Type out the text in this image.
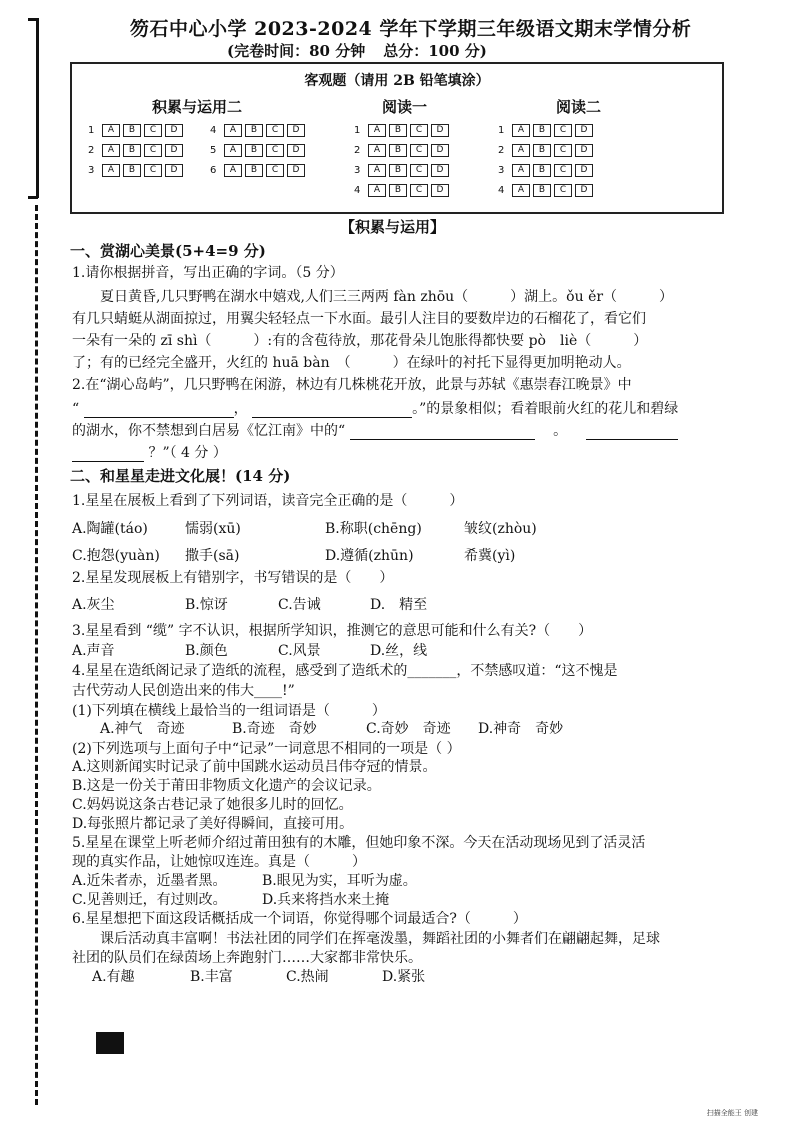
笏石中心小学 2023-2024 学年下学期三年级语文期末学情分析
(完卷时间：80 分钟 总分：100 分)
客观题（请用 2B 铅笔填涂）
积累与运用二	阅读一	阅读二
1	A	B	C	D
2	A	B	C	D
3	A	B	C	D
4	A	B	C	D
5	A	B	C	D
6	A	B	C	D
1	A	B	C	D
2	A	B	C	D
3	A	B	C	D
4	A	B	C	D
1	A	B	C	D
2	A	B	C	D
3	A	B	C	D
4	A	B	C	D
【积累与运用】
一、赏湖心美景(5+4=9 分)
1.请你根据拼音，写出正确的字词。（5 分）
夏日黄昏,几只野鸭在湖水中嬉戏,人们三三两两 fàn zhōu（　　　）湖上。ǒu ěr（　　　）
有几只蜻蜓从湖面掠过，用翼尖轻轻点一下水面。最引人注目的要数岸边的石榴花了，看它们
一朵有一朵的 zī shì（　　　）:有的含苞待放，那花骨朵儿饱胀得都快要 pò　liè（　　　）
了；有的已经完全盛开，火红的 huā bàn　（　　　）在绿叶的衬托下显得更加明艳动人。
2.在“湖心岛屿”，几只野鸭在闲游，林边有几株桃花开放，此景与苏轼《惠崇春江晚景》中
“	，	。”的景象相似；看着眼前火红的花儿和碧绿
的湖水，你不禁想到白居易《忆江南》中的“	。
？”（ 4 分 ）
二、和星星走进文化展！(14 分)
1.星星在展板上看到了下列词语，读音完全正确的是（　　　）
A.陶罐(táo)	懦弱(xū)	B.称职(chēng)	皱纹(zhòu)
C.抱怨(yuàn) 撒手(sā)	D.遵循(zhūn)	希冀(yì)
2.星星发现展板上有错别字，书写错误的是（　　）
A.灰尘	B.惊讶	C.告诫	D.　精至
3.星星看到 “缆” 字不认识，根据所学知识，推测它的意思可能和什么有关?（　　）
A.声音	B.颜色	C.风景	D.丝，线
4.星星在造纸阁记录了造纸的流程，感受到了造纸术的_______，不禁感叹道：“这不愧是
古代劳动人民创造出来的伟大____!”
(1)下列填在横线上最恰当的一组词语是（　　　）
A.神气　奇迹	B.奇迹　奇妙	C.奇妙　奇迹 D.神奇　奇妙
(2)下列选项与上面句子中“记录”一词意思不相同的一项是（ ）
A.这则新闻实时记录了前中国跳水运动员吕伟夺冠的情景。
B.这是一份关于莆田非物质文化遗产的会议记录。
C.妈妈说这条古巷记录了她很多儿时的回忆。
D.每张照片都记录了美好得瞬间，直接可用。
5.星星在课堂上听老师介绍过莆田独有的木雕，但她印象不深。今天在活动现场见到了活灵活
现的真实作品，让她惊叹连连。真是（　　　）
A.近朱者赤，近墨者黑。	B.眼见为实，耳听为虚。
C.见善则迁，有过则改。	D.兵来将挡水来土掩
6.星星想把下面这段话概括成一个词语，你觉得哪个词最适合?（　　　）
课后活动真丰富啊！书法社团的同学们在挥毫泼墨，舞蹈社团的小舞者们在翩翩起舞，足球
社团的队员们在绿茵场上奔跑射门……大家都非常快乐。
A.有趣	B.丰富	C.热闹	D.紧张
扫描全能王 创建
